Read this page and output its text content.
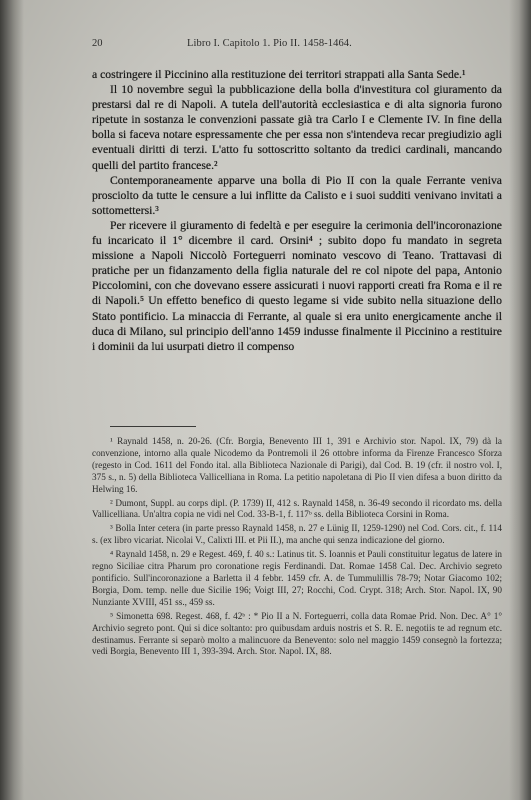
20	Libro I. Capitolo 1. Pio II. 1458-1464.

a costringere il Piccinino alla restituzione dei territori strappati alla Santa Sede.¹

Il 10 novembre seguì la pubblicazione della bolla d'investitura col giuramento da prestarsi dal re di Napoli. A tutela dell'autorità ecclesiastica e di alta signoria furono ripetute in sostanza le convenzioni passate già tra Carlo I e Clemente IV. In fine della bolla si faceva notare espressamente che per essa non s'intendeva recar pregiudizio agli eventuali diritti di terzi. L'atto fu sottoscritto soltanto da tredici cardinali, mancando quelli del partito francese.²

Contemporaneamente apparve una bolla di Pio II con la quale Ferrante veniva prosciolto da tutte le censure a lui inflitte da Calisto e i suoi sudditi venivano invitati a sottomettersi.³

Per ricevere il giuramento di fedeltà e per eseguire la cerimonia dell'incoronazione fu incaricato il 1° dicembre il card. Orsini⁴ ; subito dopo fu mandato in segreta missione a Napoli Niccolò Forteguerri nominato vescovo di Teano. Trattavasi di pratiche per un fidanzamento della figlia naturale del re col nipote del papa, Antonio Piccolomini, con che dovevano essere assicurati i nuovi rapporti creati fra Roma e il re di Napoli.⁵ Un effetto benefico di questo legame si vide subito nella situazione dello Stato pontificio. La minaccia di Ferrante, al quale si era unito energicamente anche il duca di Milano, sul principio dell'anno 1459 indusse finalmente il Piccinino a restituire i dominii da lui usurpati dietro il compenso

¹ Raynald 1458, n. 20-26. (Cfr. Borgia, Benevento III 1, 391 e Archivio stor. Napol. IX, 79) dà la convenzione, intorno alla quale Nicodemo da Pontremoli il 26 ottobre informa da Firenze Francesco Sforza (regesto in Cod. 1611 del Fondo ital. alla Biblioteca Nazionale di Parigi), dal Cod. B. 19 (cfr. il nostro vol. I, 375 s., n. 5) della Biblioteca Vallicelliana in Roma. La petitio napoletana di Pio II vien difesa a buon diritto da Helwing 16.

² Dumont, Suppl. au corps dipl. (P. 1739) II, 412 s. Raynald 1458, n. 36-49 secondo il ricordato ms. della Vallicelliana. Un'altra copia ne vidi nel Cod. 33-B-1, f. 117ᵇ ss. della Biblioteca Corsini in Roma.

³ Bolla Inter cetera (in parte presso Raynald 1458, n. 27 e Lünig II, 1259-1290) nel Cod. Cors. cit., f. 114 s. (ex libro vicariat. Nicolai V., Calixti III. et Pii II.), ma anche qui senza indicazione del giorno.

⁴ Raynald 1458, n. 29 e Regest. 469, f. 40 s.: Latinus tit. S. Ioannis et Pauli constituitur legatus de latere in regno Siciliae citra Pharum pro coronatione regis Ferdinandi. Dat. Romae 1458 Cal. Dec. Archivio segreto pontificio. Sull'incoronazione a Barletta il 4 febbr. 1459 cfr. A. de Tummulillis 78-79; Notar Giacomo 102; Borgia, Dom. temp. nelle due Sicilie 196; Voigt III, 27; Rocchi, Cod. Crypt. 318; Arch. Stor. Napol. IX, 90 Nunziante XVIII, 451 ss., 459 ss.

⁵ Simonetta 698. Regest. 468, f. 42ᵇ : * Pio II a N. Forteguerri, colla data Romae Prid. Non. Dec. A° 1° Archivio segreto pont. Qui si dice soltanto: pro quibusdam arduis nostris et S. R. E. negotiis te ad regnum etc. destinamus. Ferrante si separò molto a malincuore da Benevento: solo nel maggio 1459 consegnò la fortezza; vedi Borgia, Benevento III 1, 393-394. Arch. Stor. Napol. IX, 88.
